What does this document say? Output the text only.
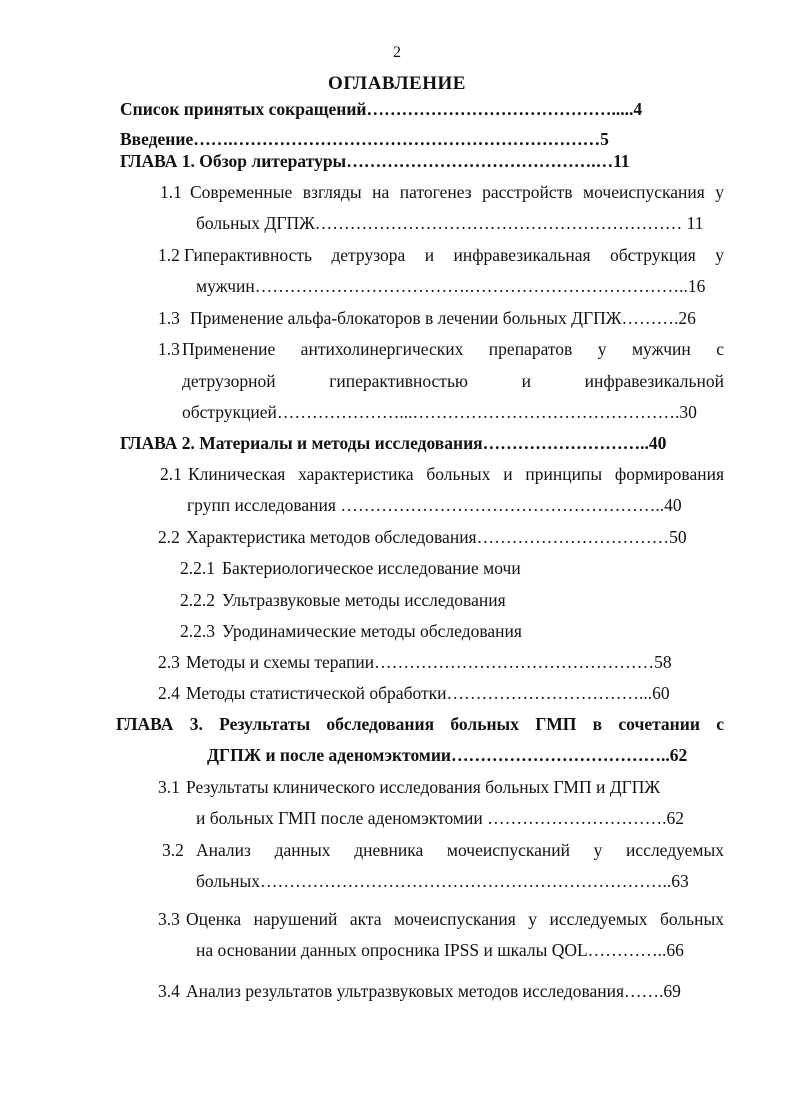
2
ОГЛАВЛЕНИЕ
Список принятых сокращений…………………………………….....4
Введение…….………………………………………………………5
ГЛАВА 1. Обзор литературы…………………………………….…11
1.1 Современные взгляды на патогенез расстройств мочеиспускания у
больных ДГПЖ……………………………………………………… 11
1.2 Гиперактивность детрузора и инфравезикальная обструкция у
мужчин……………………………….………………………………..16
1.3 Применение альфа-блокаторов в лечении больных ДГПЖ……….26
1.3 Применение антихолинергических препаратов у мужчин с
детрузорной гиперактивностью и инфравезикальной
обструкцией…………………...……………………………………….30
ГЛАВА 2. Материалы и методы исследования………………………..40
2.1 Клиническая характеристика больных и принципы формирования
групп исследования ………………………………………………..40
2.2 Характеристика методов обследования……………………………50
2.2.1 Бактериологическое исследование мочи
2.2.2 Ультразвуковые методы исследования
2.2.3 Уродинамические методы обследования
2.3 Методы и схемы терапии…………………………………………58
2.4 Методы статистической обработки……………………………...60
ГЛАВА 3. Результаты обследования больных ГМП в сочетании с
ДГПЖ и после аденомэктомии………………………………..62
3.1 Результаты клинического исследования больных ГМП и ДГПЖ
и больных ГМП после аденомэктомии ………………………….62
3.2 Анализ данных дневника мочеиспусканий у исследуемых
больных……………………………………………………………..63
3.3 Оценка нарушений акта мочеиспускания у исследуемых больных
на основании данных опросника IPSS и шкалы QOL…………..66
3.4 Анализ результатов ультразвуковых методов исследования…….69
